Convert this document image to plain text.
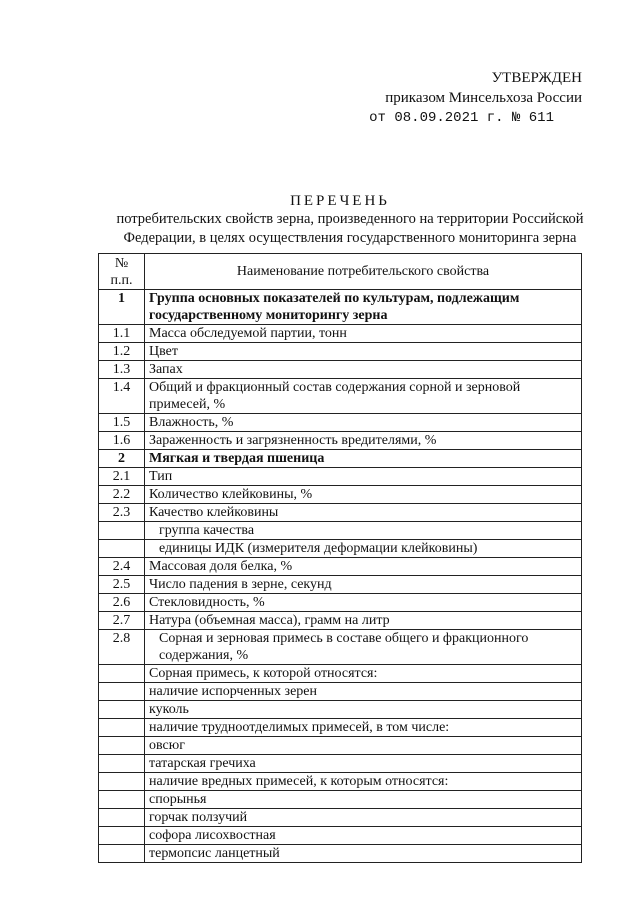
УТВЕРЖДЕН
приказом Минсельхоза России
от 08.09.2021 г. № 611
ПЕРЕЧЕНЬ
потребительских свойств зерна, произведенного на территории Российской
Федерации, в целях осуществления государственного мониторинга зерна
№
п.п.	Наименование потребительского свойства
1	Группа основных показателей по культурам, подлежащим государственному мониторингу зерна
1.1	Масса обследуемой партии, тонн
1.2	Цвет
1.3	Запах
1.4	Общий и фракционный состав содержания сорной и зерновой примесей, %
1.5	Влажность, %
1.6	Зараженность и загрязненность вредителями, %
2	Мягкая и твердая пшеница
2.1	Тип
2.2	Количество клейковины, %
2.3	Качество клейковины
	группа качества
	единицы ИДК (измерителя деформации клейковины)
2.4	Массовая доля белка, %
2.5	Число падения в зерне, секунд
2.6	Стекловидность, %
2.7	Натура (объемная масса), грамм на литр
2.8	Сорная и зерновая примесь в составе общего и фракционного содержания, %
	Сорная примесь, к которой относятся:
	наличие испорченных зерен
	куколь
	наличие трудноотделимых примесей, в том числе:
	овсюг
	татарская гречиха
	наличие вредных примесей, к которым относятся:
	спорынья
	горчак ползучий
	софора лисохвостная
	термопсис ланцетный
